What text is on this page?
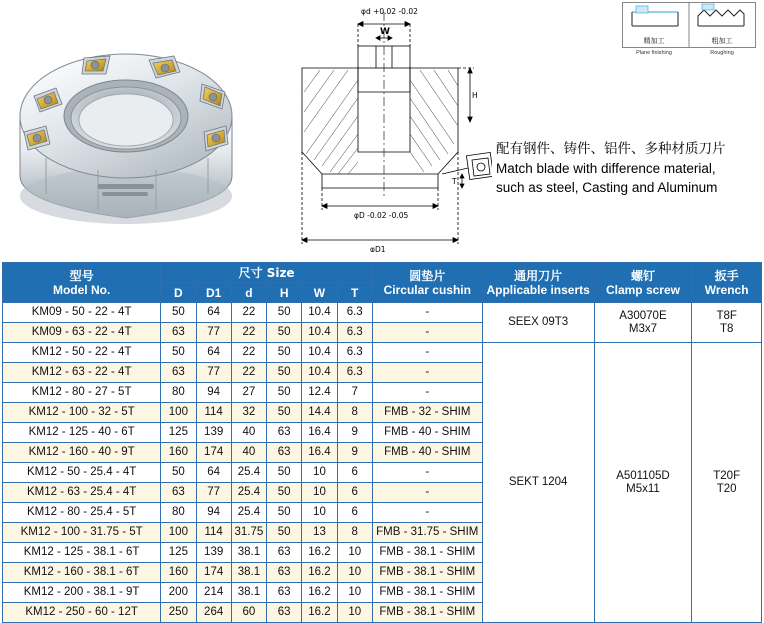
φd +0.02 -0.02
W
H
T
φD -0.02 -0.05
φD1
配有钢件、铸件、铝件、多种材质刀片
Match blade with difference material,
such as steel, Casting and Aluminum
精加工
Plane finishing
粗加工
Roughing
型号
Model No.	尺寸 Size						圆垫片
Circular cushin	通用刀片
Applicable inserts	螺钉
Clamp screw	扳手
Wrench

	D	D1	d	H	W	T				
KM09 - 50 - 22 - 4T	50	64	22	50	10.4	6.3	-	SEEX 09T3	
A30070E
M3x7

T8F
T8

KM09 - 63 - 22 - 4T	63	77	22	50	10.4	6.3	-			
KM12 - 50 - 22 - 4T	50	64	22	50	10.4	6.3	-	SEKT 1204	
A501105D
M5x11

T20F
T20

KM12 - 63 - 22 - 4T	63	77	22	50	10.4	6.3	-			
KM12 - 80 - 27 - 5T	80	94	27	50	12.4	7	-			
KM12 - 100 - 32 - 5T	100	114	32	50	14.4	8	FMB - 32 - SHIM			
KM12 - 125 - 40 - 6T	125	139	40	63	16.4	9	FMB - 40 - SHIM			
KM12 - 160 - 40 - 9T	160	174	40	63	16.4	9	FMB - 40 - SHIM			
KM12 - 50 - 25.4 - 4T	50	64	25.4	50	10	6	-			
KM12 - 63 - 25.4 - 4T	63	77	25.4	50	10	6	-			
KM12 - 80 - 25.4 - 5T	80	94	25.4	50	10	6	-			
KM12 - 100 - 31.75 - 5T	100	114	31.75	50	13	8	FMB - 31.75 - SHIM			
KM12 - 125 - 38.1 - 6T	125	139	38.1	63	16.2	10	FMB - 38.1 - SHIM			
KM12 - 160 - 38.1 - 6T	160	174	38.1	63	16.2	10	FMB - 38.1 - SHIM			
KM12 - 200 - 38.1 - 9T	200	214	38.1	63	16.2	10	FMB - 38.1 - SHIM			
KM12 - 250 - 60 - 12T	250	264	60	63	16.2	10	FMB - 38.1 - SHIM			
